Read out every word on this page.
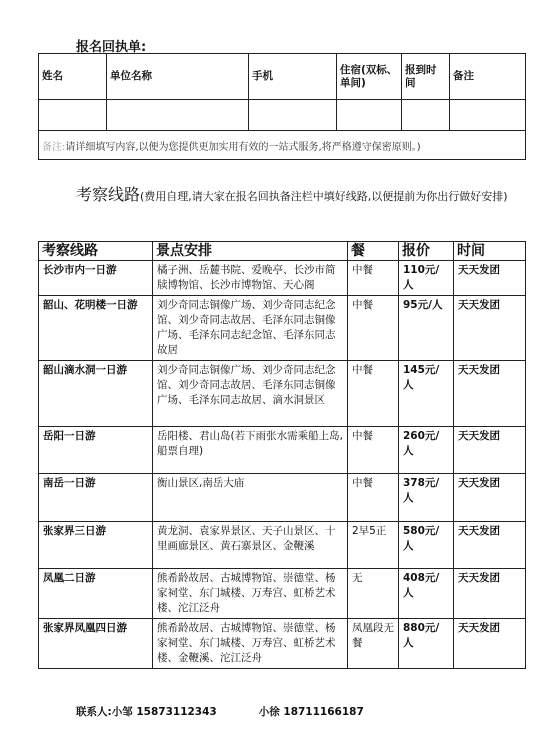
报名回执单:
姓名	单位名称	手机	住宿(双标、单间)	报到时间	备注

备注:请详细填写内容,以便为您提供更加实用有效的一站式服务,将严格遵守保密原则。)					
考察线路(费用自理,请大家在报名回执备注栏中填好线路,以便提前为你出行做好安排)
考察线路	景点安排	餐	报价	时间
长沙市内一日游	橘子洲、岳麓书院、爱晚亭、长沙市简牍博物馆、长沙市博物馆、天心阁	中餐	110元/人	天天发团
韶山、花明楼一日游	刘少奇同志铜像广场、刘少奇同志纪念馆、刘少奇同志故居、毛泽东同志铜像广场、毛泽东同志纪念馆、毛泽东同志故居	中餐	95元/人	天天发团
韶山滴水洞一日游	刘少奇同志铜像广场、刘少奇同志纪念馆、刘少奇同志故居、毛泽东同志铜像广场、毛泽东同志故居、滴水洞景区	中餐	145元/人	天天发团
岳阳一日游	岳阳楼、君山岛(若下雨张水需乘船上岛,船票自理)	中餐	260元/人	天天发团
南岳一日游	衡山景区,南岳大庙	中餐	378元/人	天天发团
张家界三日游	黄龙洞、袁家界景区、天子山景区、十里画廊景区、黄石寨景区、金鞭溪	2早5正	580元/人	天天发团
凤凰二日游	熊希龄故居、古城博物馆、崇德堂、杨家祠堂、东门城楼、万寿宫、虹桥艺术楼、沱江泛舟	无	408元/人	天天发团
张家界凤凰四日游	熊希龄故居、古城博物馆、崇德堂、杨家祠堂、东门城楼、万寿宫、虹桥艺术楼、金鞭溪、沱江泛舟	凤凰段无餐	880元/人	天天发团
联系人:小邹 15873112343	小徐 18711166187
